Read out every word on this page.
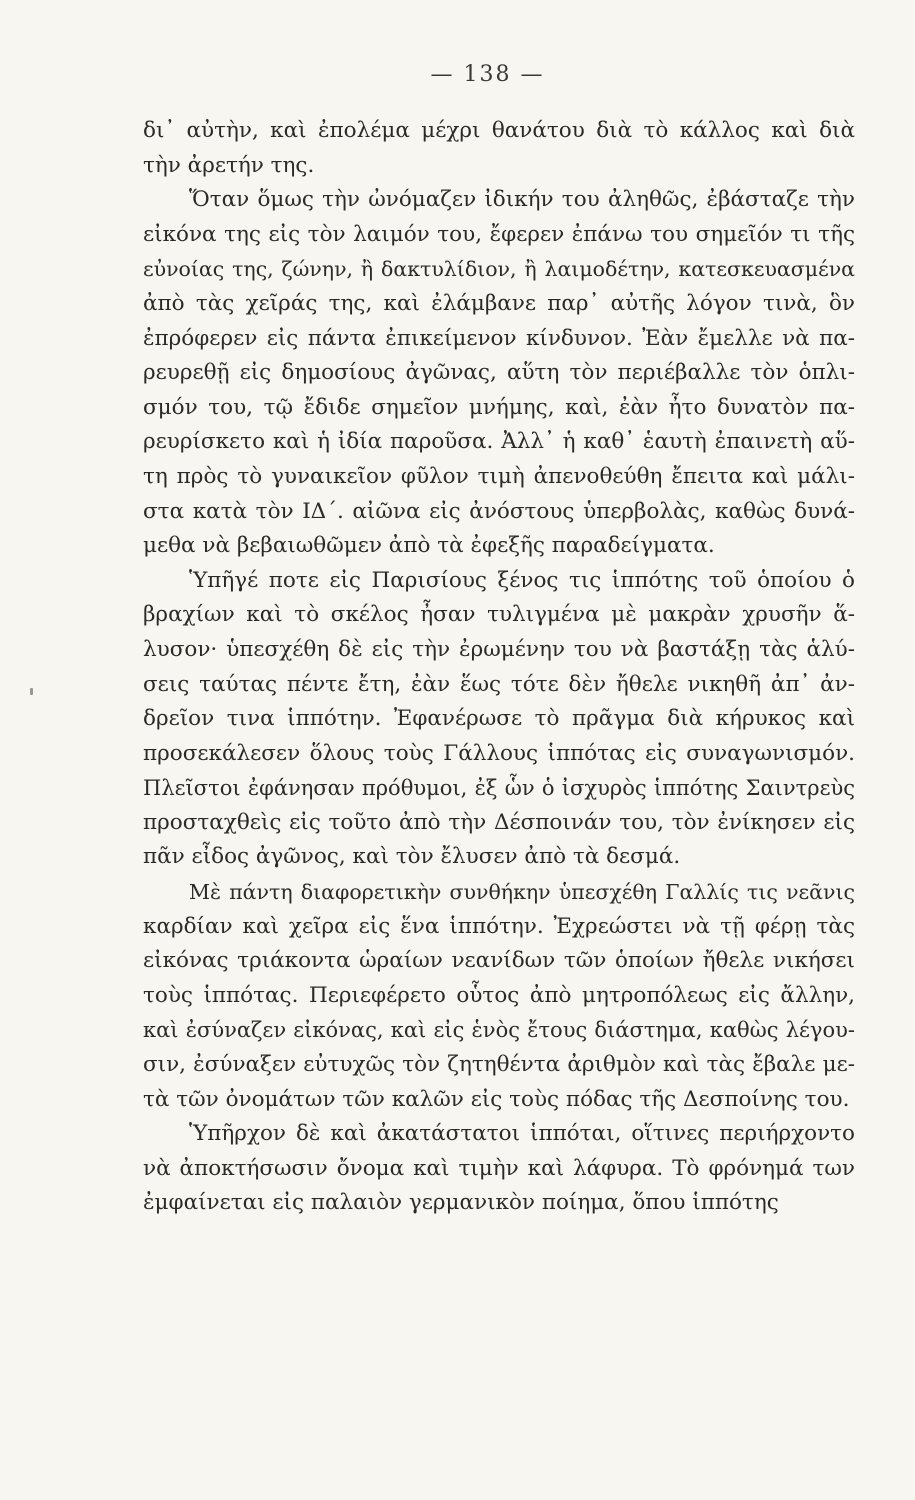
— 138 —
δι᾽ αὐτὴν, καὶ ἐπολέμα μέχρι θανάτου διὰ τὸ κάλλος καὶ διὰ
τὴν ἀρετήν της.
Ὅταν ὅμως τὴν ὠνόμαζεν ἰδικήν του ἀληθῶς, ἐβάσταζε τὴν
εἰκόνα της εἰς τὸν λαιμόν του, ἔφερεν ἐπάνω του σημεῖόν τι τῆς
εὐνοίας της, ζώνην, ἢ δακτυλίδιον, ἢ λαιμοδέτην, κατεσκευασμένα
ἀπὸ τὰς χεῖράς της, καὶ ἐλάμβανε παρ᾽ αὐτῆς λόγον τινὰ, ὃν
ἐπρόφερεν εἰς πάντα ἐπικείμενον κίνδυνον. Ἐὰν ἔμελλε νὰ πα-
ρευρεθῇ εἰς δημοσίους ἀγῶνας, αὕτη τὸν περιέβαλλε τὸν ὁπλι-
σμόν του, τῷ ἔδιδε σημεῖον μνήμης, καὶ, ἐὰν ἦτο δυνατὸν πα-
ρευρίσκετο καὶ ἡ ἰδία παροῦσα. Ἀλλ᾽ ἡ καθ᾽ ἑαυτὴ ἐπαινετὴ αὕ-
τη πρὸς τὸ γυναικεῖον φῦλον τιμὴ ἀπενοθεύθη ἔπειτα καὶ μάλι-
στα κατὰ τὸν ΙΔ΄. αἰῶνα εἰς ἀνόστους ὑπερβολὰς, καθὼς δυνά-
μεθα νὰ βεβαιωθῶμεν ἀπὸ τὰ ἐφεξῆς παραδείγματα.
Ὑπῆγέ ποτε εἰς Παρισίους ξένος τις ἱππότης τοῦ ὁποίου ὁ
βραχίων καὶ τὸ σκέλος ἦσαν τυλιγμένα μὲ μακρὰν χρυσῆν ἅ-
λυσον· ὑπεσχέθη δὲ εἰς τὴν ἐρωμένην του νὰ βαστάξῃ τὰς ἁλύ-
σεις ταύτας πέντε ἔτη, ἐὰν ἕως τότε δὲν ἤθελε νικηθῆ ἀπ᾽ ἀν-
δρεῖον τινα ἱππότην. Ἐφανέρωσε τὸ πρᾶγμα διὰ κήρυκος καὶ
προσεκάλεσεν ὅλους τοὺς Γάλλους ἱππότας εἰς συναγωνισμόν.
Πλεῖστοι ἐφάνησαν πρόθυμοι, ἐξ ὧν ὁ ἰσχυρὸς ἱππότης Σαιντρεὺς
προσταχθεὶς εἰς τοῦτο ἀπὸ τὴν Δέσποινάν του, τὸν ἐνίκησεν εἰς
πᾶν εἶδος ἀγῶνος, καὶ τὸν ἔλυσεν ἀπὸ τὰ δεσμά.
Μὲ πάντη διαφορετικὴν συνθήκην ὑπεσχέθη Γαλλίς τις νεᾶνις
καρδίαν καὶ χεῖρα εἰς ἕνα ἱππότην. Ἐχρεώστει νὰ τῇ φέρῃ τὰς
εἰκόνας τριάκοντα ὡραίων νεανίδων τῶν ὁποίων ἤθελε νικήσει
τοὺς ἱππότας. Περιεφέρετο οὗτος ἀπὸ μητροπόλεως εἰς ἄλλην,
καὶ ἐσύναζεν εἰκόνας, καὶ εἰς ἑνὸς ἔτους διάστημα, καθὼς λέγου-
σιν, ἐσύναξεν εὐτυχῶς τὸν ζητηθέντα ἀριθμὸν καὶ τὰς ἔβαλε με-
τὰ τῶν ὀνομάτων τῶν καλῶν εἰς τοὺς πόδας τῆς Δεσποίνης του.
Ὑπῆρχον δὲ καὶ ἀκατάστατοι ἱππόται, οἵτινες περιήρχοντο
νὰ ἀποκτήσωσιν ὄνομα καὶ τιμὴν καὶ λάφυρα. Τὸ φρόνημά των
ἐμφαίνεται εἰς παλαιὸν γερμανικὸν ποίημα, ὅπου ἱππότης
